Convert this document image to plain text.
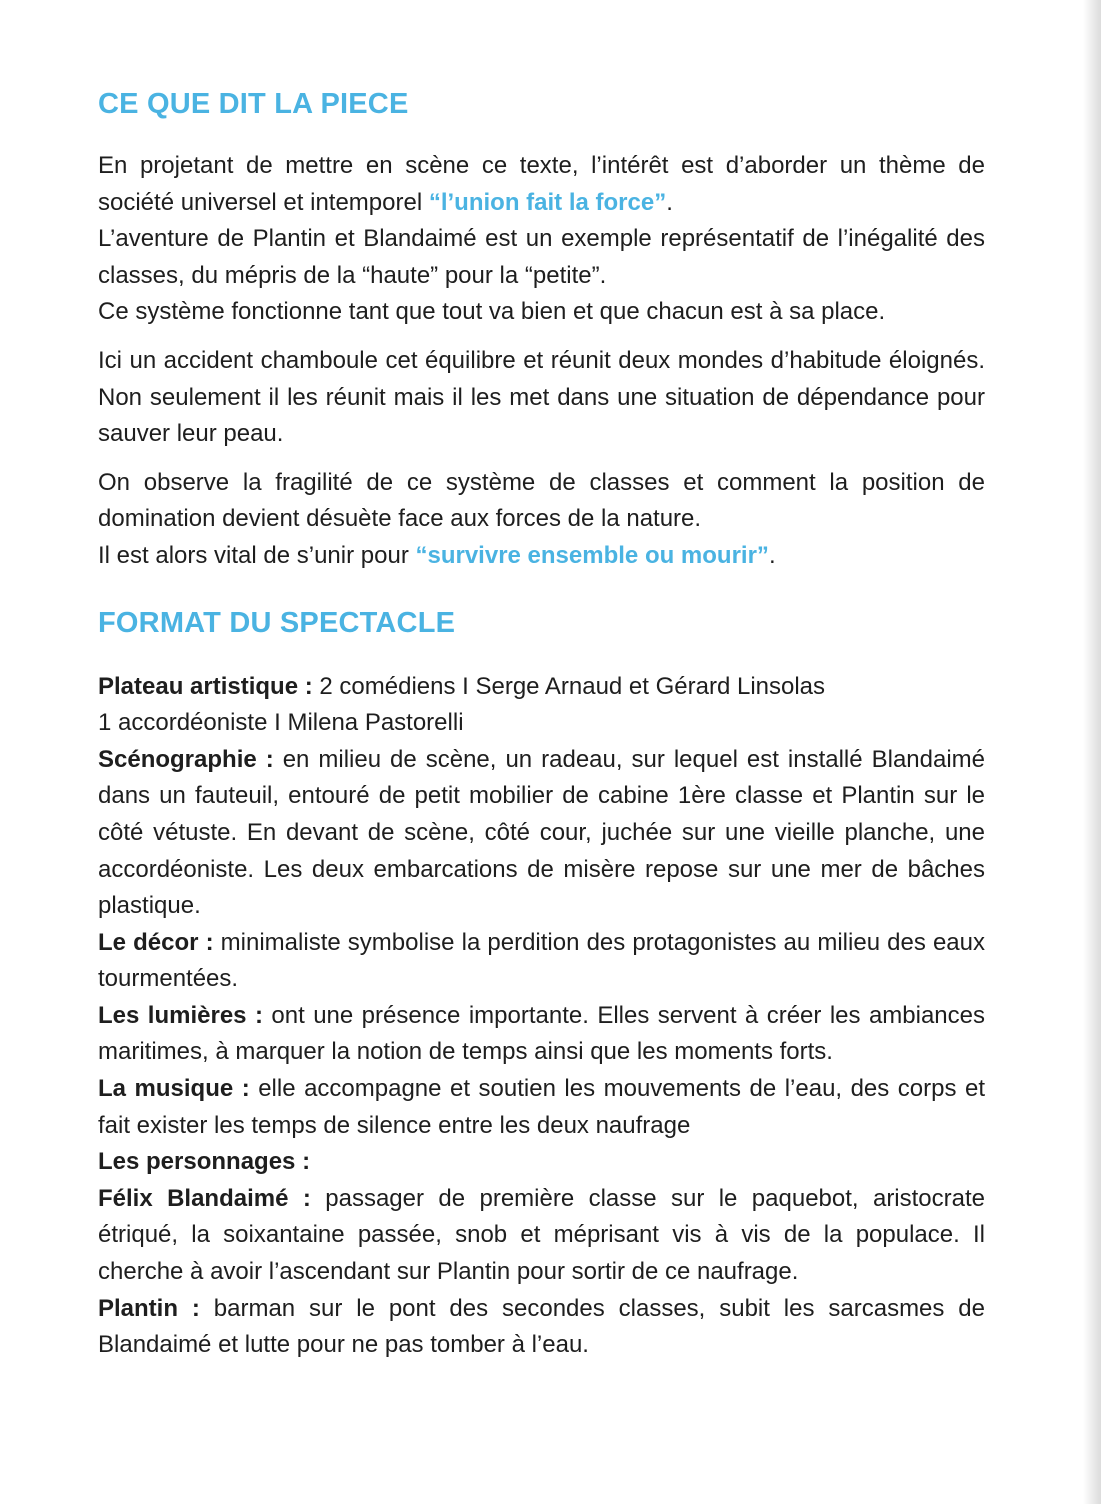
CE QUE DIT LA PIECE

En projetant de mettre en scène ce texte, l’intérêt est d’aborder un thème de société universel et intemporel “l’union fait la force”.

L’aventure de Plantin et Blandaimé est un exemple représentatif de l’inégalité des classes, du mépris de la “haute” pour la “petite”.

Ce système fonctionne tant que tout va bien et que chacun est à sa place.

Ici un accident chamboule cet équilibre et réunit deux mondes d’habitude éloignés. Non seulement il les réunit mais il les met dans une situation de dépendance pour sauver leur peau.

On observe la fragilité de ce système de classes et comment la position de domination devient désuète face aux forces de la nature.

Il est alors vital de s’unir pour “survivre ensemble ou mourir”.

FORMAT DU SPECTACLE

Plateau artistique : 2 comédiens I Serge Arnaud et Gérard Linsolas

1 accordéoniste I Milena Pastorelli

Scénographie : en milieu de scène, un radeau, sur lequel est installé Blandaimé dans un fauteuil, entouré de petit mobilier de cabine 1ère classe et Plantin sur le côté vétuste. En devant de scène, côté cour, juchée sur une vieille planche, une accordéoniste. Les deux embarcations de misère repose sur une mer de bâches plastique.

Le décor : minimaliste symbolise la perdition des protagonistes au milieu des eaux tourmentées.

Les lumières : ont une présence importante. Elles servent à créer les ambiances maritimes, à marquer la notion de temps ainsi que les moments forts.

La musique : elle accompagne et soutien les mouvements de l’eau, des corps et fait exister les temps de silence entre les deux naufrage

Les personnages :

Félix Blandaimé : passager de première classe sur le paquebot, aristocrate étriqué, la soixantaine passée, snob et méprisant vis à vis de la populace. Il cherche à avoir l’ascendant sur Plantin pour sortir de ce naufrage.

Plantin : barman sur le pont des secondes classes, subit les sarcasmes de Blandaimé et lutte pour ne pas tomber à l’eau.
